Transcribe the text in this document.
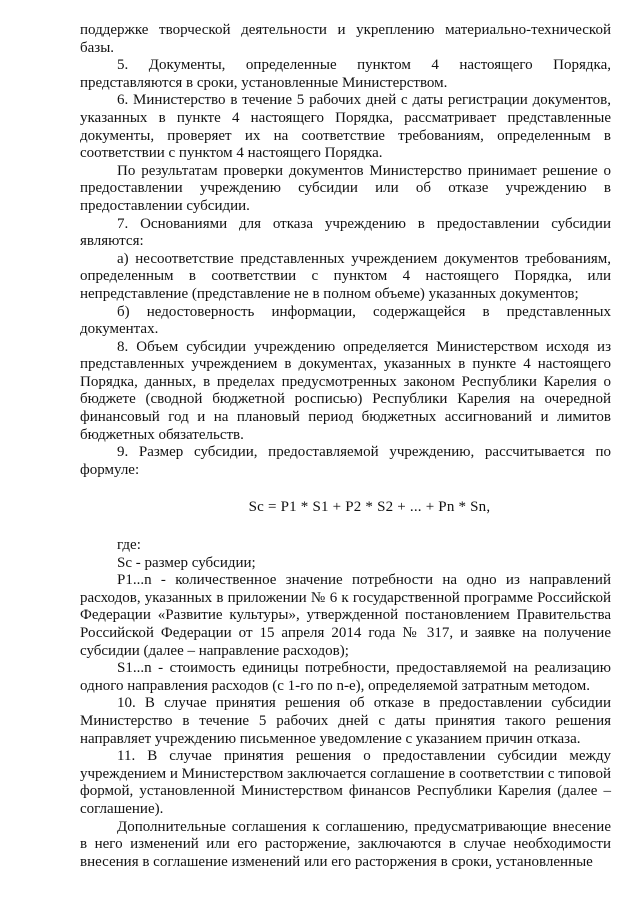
поддержке творческой деятельности и укреплению материально-технической базы.

5. Документы, определенные пунктом 4 настоящего Порядка, представляются в сроки, установленные Министерством.

6. Министерство в течение 5 рабочих дней с даты регистрации документов, указанных в пункте 4 настоящего Порядка, рассматривает представленные документы, проверяет их на соответствие требованиям, определенным в соответствии с пунктом 4 настоящего Порядка.

По результатам проверки документов Министерство принимает решение о предоставлении учреждению субсидии или об отказе учреждению в предоставлении субсидии.

7. Основаниями для отказа учреждению в предоставлении субсидии являются:

а) несоответствие представленных учреждением документов требованиям, определенным в соответствии с пунктом 4 настоящего Порядка, или непредставление (представление не в полном объеме) указанных документов;

б) недостоверность информации, содержащейся в представленных документах.

8. Объем субсидии учреждению определяется Министерством исходя из представленных учреждением в документах, указанных в пункте 4 настоящего Порядка, данных, в пределах предусмотренных законом Республики Карелия о бюджете (сводной бюджетной росписью) Республики Карелия на очередной финансовый год и на плановый период бюджетных ассигнований и лимитов бюджетных обязательств.

9. Размер субсидии, предоставляемой учреждению, рассчитывается по формуле:

Sc = P1 * S1 + P2 * S2 + ... + Pn * Sn,

где:

Sc - размер субсидии;

P1...n - количественное значение потребности на одно из направлений расходов, указанных в приложении № 6 к государственной программе Российской Федерации «Развитие культуры», утвержденной постановлением Правительства Российской Федерации от 15 апреля 2014 года № 317, и заявке на получение субсидии (далее – направление расходов);

S1...n - стоимость единицы потребности, предоставляемой на реализацию одного направления расходов (с 1-го по n-е), определяемой затратным методом.

10. В случае принятия решения об отказе в предоставлении субсидии Министерство в течение 5 рабочих дней с даты принятия такого решения направляет учреждению письменное уведомление с указанием причин отказа.

11. В случае принятия решения о предоставлении субсидии между учреждением и Министерством заключается соглашение в соответствии с типовой формой, установленной Министерством финансов Республики Карелия (далее – соглашение).

Дополнительные соглашения к соглашению, предусматривающие внесение в него изменений или его расторжение, заключаются в случае необходимости внесения в соглашение изменений или его расторжения в сроки, установленные
